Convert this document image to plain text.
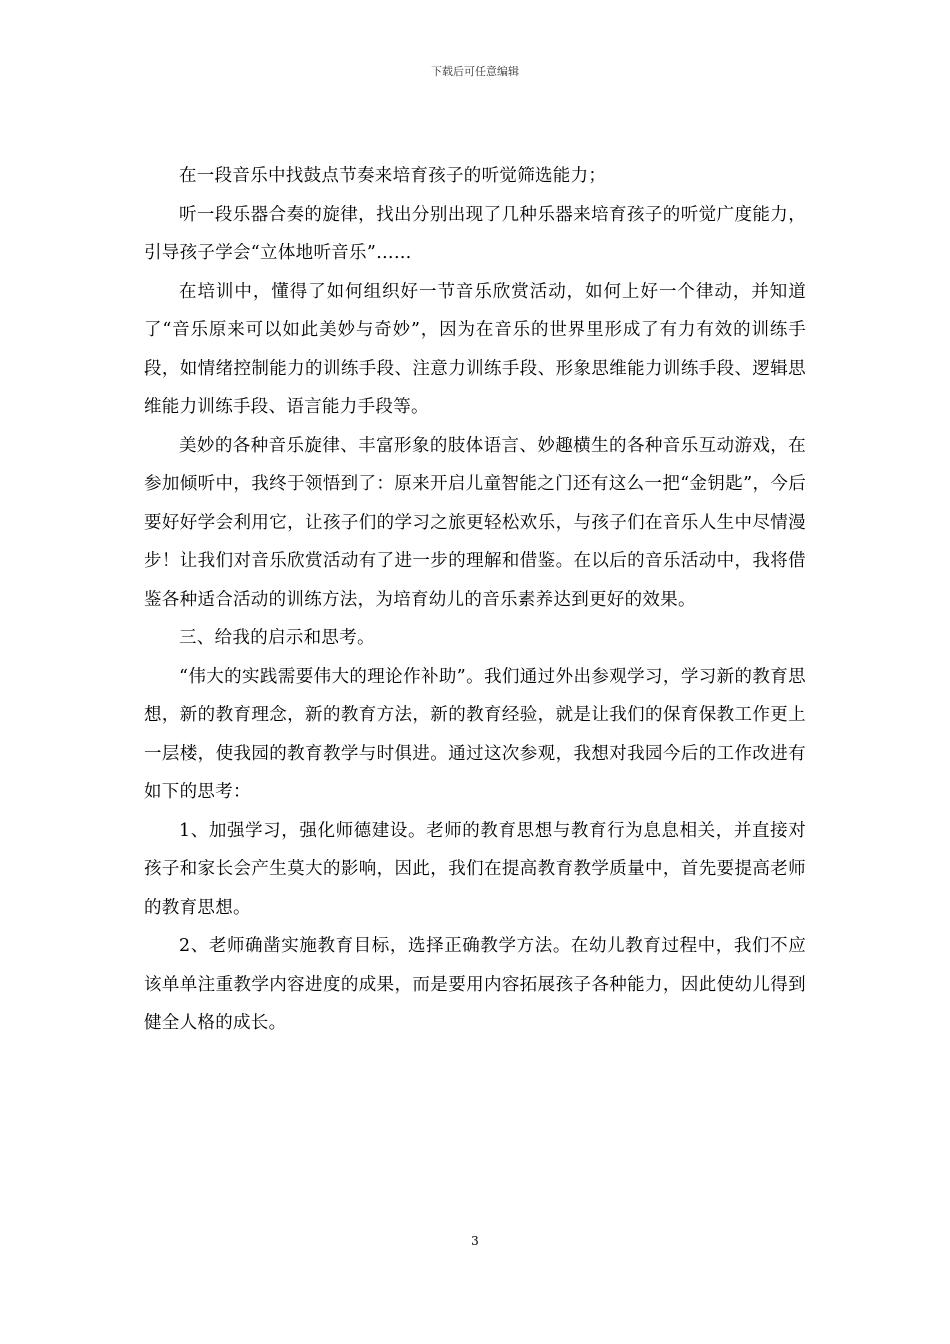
下载后可任意编辑

在一段音乐中找鼓点节奏来培育孩子的听觉筛选能力；

听一段乐器合奏的旋律，找出分别出现了几种乐器来培育孩子的听觉广度能力，引导孩子学会“立体地听音乐”……

在培训中，懂得了如何组织好一节音乐欣赏活动，如何上好一个律动，并知道了“音乐原来可以如此美妙与奇妙”，因为在音乐的世界里形成了有力有效的训练手段，如情绪控制能力的训练手段、注意力训练手段、形象思维能力训练手段、逻辑思维能力训练手段、语言能力手段等。

美妙的各种音乐旋律、丰富形象的肢体语言、妙趣横生的各种音乐互动游戏，在参加倾听中，我终于领悟到了：原来开启儿童智能之门还有这么一把“金钥匙”，今后要好好学会利用它，让孩子们的学习之旅更轻松欢乐，与孩子们在音乐人生中尽情漫步！让我们对音乐欣赏活动有了进一步的理解和借鉴。在以后的音乐活动中，我将借鉴各种适合活动的训练方法，为培育幼儿的音乐素养达到更好的效果。

三、给我的启示和思考。

“伟大的实践需要伟大的理论作补助”。我们通过外出参观学习，学习新的教育思想，新的教育理念，新的教育方法，新的教育经验，就是让我们的保育保教工作更上一层楼，使我园的教育教学与时俱进。通过这次参观，我想对我园今后的工作改进有如下的思考：

1、加强学习，强化师德建设。老师的教育思想与教育行为息息相关，并直接对孩子和家长会产生莫大的影响，因此，我们在提高教育教学质量中，首先要提高老师的教育思想。

2、老师确凿实施教育目标，选择正确教学方法。在幼儿教育过程中，我们不应该单单注重教学内容进度的成果，而是要用内容拓展孩子各种能力，因此使幼儿得到健全人格的成长。

3
